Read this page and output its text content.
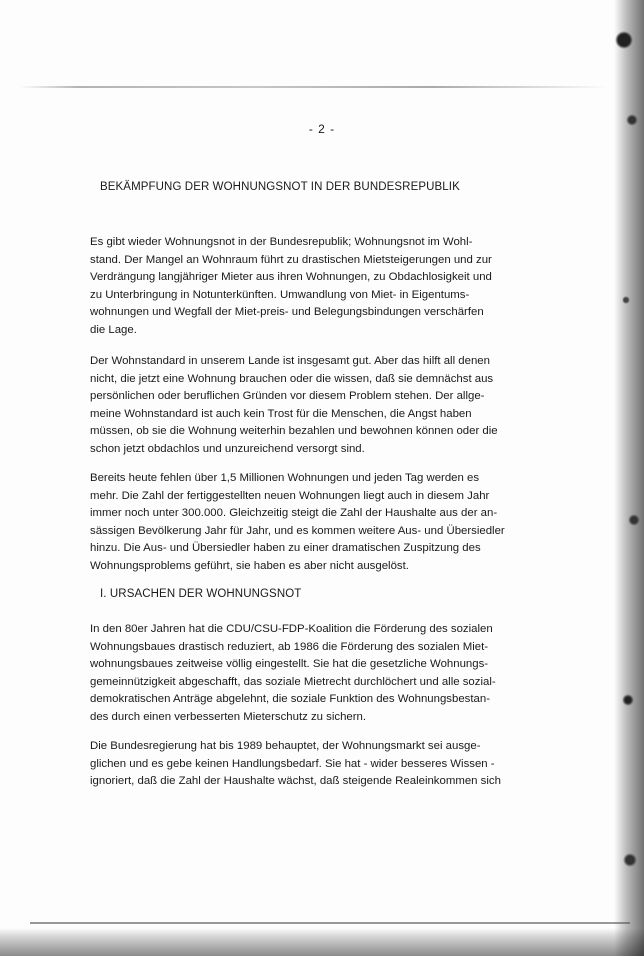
- 2 -
BEKÄMPFUNG DER WOHNUNGSNOT IN DER BUNDESREPUBLIK

Es gibt wieder Wohnungsnot in der Bundesrepublik; Wohnungsnot im Wohl-
stand. Der Mangel an Wohnraum führt zu drastischen Mietsteigerungen und zur
Verdrängung langjähriger Mieter aus ihren Wohnungen, zu Obdachlosigkeit und
zu Unterbringung in Notunterkünften. Umwandlung von Miet- in Eigentums-
wohnungen und Wegfall der Miet-preis- und Belegungsbindungen verschärfen
die Lage.

Der Wohnstandard in unserem Lande ist insgesamt gut. Aber das hilft all denen
nicht, die jetzt eine Wohnung brauchen oder die wissen, daß sie demnächst aus
persönlichen oder beruflichen Gründen vor diesem Problem stehen. Der allge-
meine Wohnstandard ist auch kein Trost für die Menschen, die Angst haben
müssen, ob sie die Wohnung weiterhin bezahlen und bewohnen können oder die
schon jetzt obdachlos und unzureichend versorgt sind.

Bereits heute fehlen über 1,5 Millionen Wohnungen und jeden Tag werden es
mehr. Die Zahl der fertiggestellten neuen Wohnungen liegt auch in diesem Jahr
immer noch unter 300.000. Gleichzeitig steigt die Zahl der Haushalte aus der an-
sässigen Bevölkerung Jahr für Jahr, und es kommen weitere Aus- und Übersiedler
hinzu. Die Aus- und Übersiedler haben zu einer dramatischen Zuspitzung des
Wohnungsproblems geführt, sie haben es aber nicht ausgelöst.

I. URSACHEN DER WOHNUNGSNOT

In den 80er Jahren hat die CDU/CSU-FDP-Koalition die Förderung des sozialen
Wohnungsbaues drastisch reduziert, ab 1986 die Förderung des sozialen Miet-
wohnungsbaues zeitweise völlig eingestellt. Sie hat die gesetzliche Wohnungs-
gemeinnützigkeit abgeschafft, das soziale Mietrecht durchlöchert und alle sozial-
demokratischen Anträge abgelehnt, die soziale Funktion des Wohnungsbestan-
des durch einen verbesserten Mieterschutz zu sichern.

Die Bundesregierung hat bis 1989 behauptet, der Wohnungsmarkt sei ausge-
glichen und es gebe keinen Handlungsbedarf. Sie hat - wider besseres Wissen -
ignoriert, daß die Zahl der Haushalte wächst, daß steigende Realeinkommen sich
